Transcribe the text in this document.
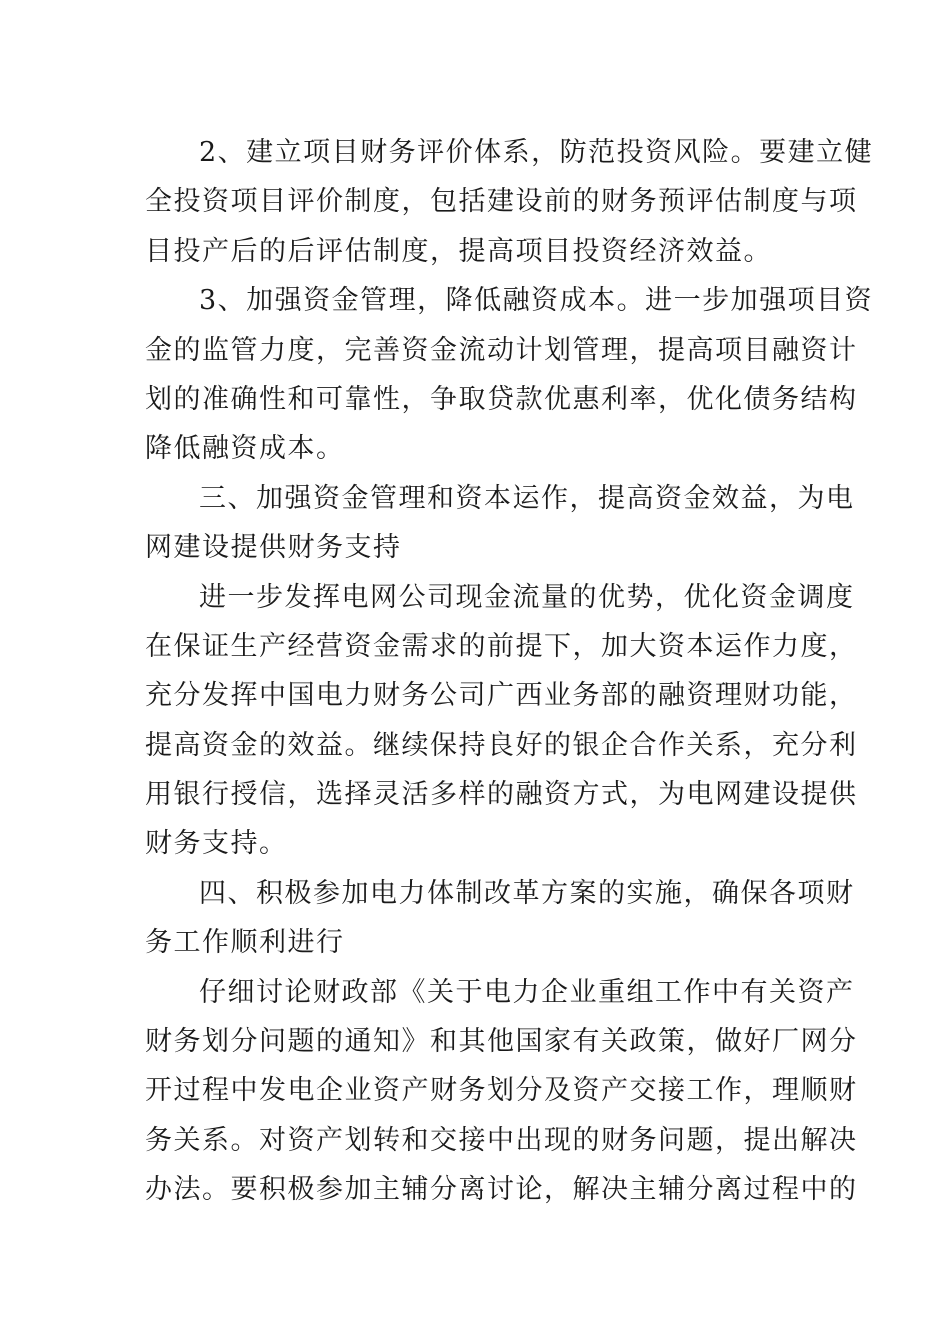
2、建立项目财务评价体系，防范投资风险。要建立健
全投资项目评价制度，包括建设前的财务预评估制度与项
目投产后的后评估制度，提高项目投资经济效益。
3、加强资金管理，降低融资成本。进一步加强项目资
金的监管力度，完善资金流动计划管理，提高项目融资计
划的准确性和可靠性，争取贷款优惠利率，优化债务结构
降低融资成本。
三、加强资金管理和资本运作，提高资金效益，为电
网建设提供财务支持
进一步发挥电网公司现金流量的优势，优化资金调度
在保证生产经营资金需求的前提下，加大资本运作力度，
充分发挥中国电力财务公司广西业务部的融资理财功能，
提高资金的效益。继续保持良好的银企合作关系，充分利
用银行授信，选择灵活多样的融资方式，为电网建设提供
财务支持。
四、积极参加电力体制改革方案的实施，确保各项财
务工作顺利进行
仔细讨论财政部《关于电力企业重组工作中有关资产
财务划分问题的通知》和其他国家有关政策，做好厂网分
开过程中发电企业资产财务划分及资产交接工作，理顺财
务关系。对资产划转和交接中出现的财务问题，提出解决
办法。要积极参加主辅分离讨论，解决主辅分离过程中的
